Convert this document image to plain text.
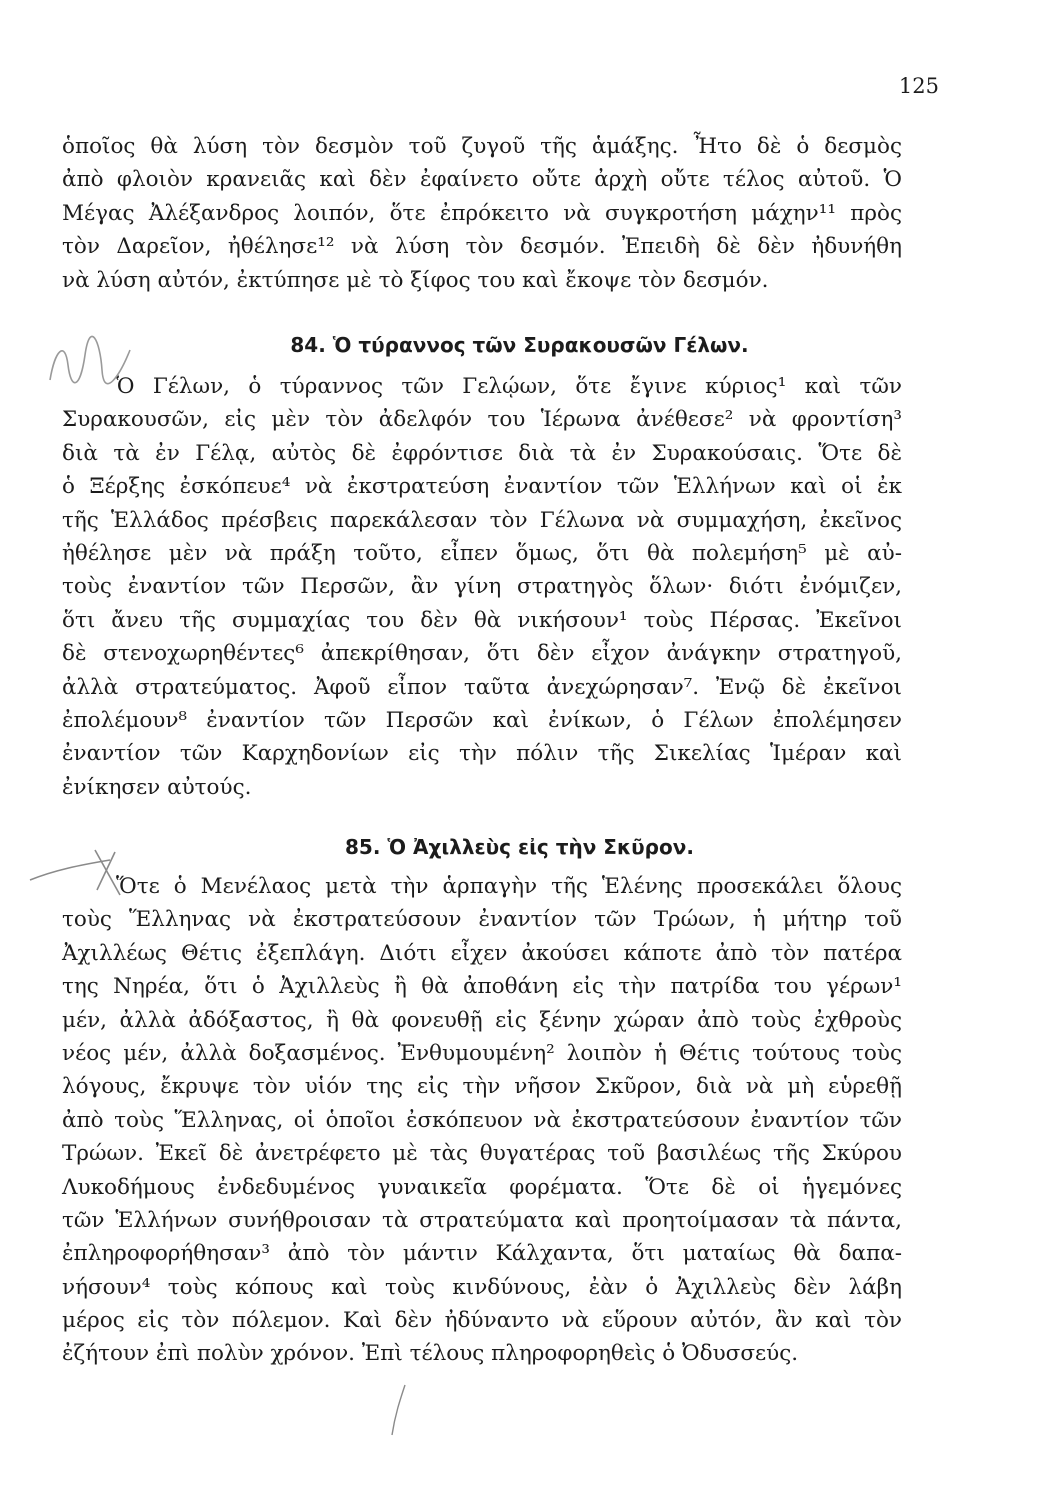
125
ὁποῖος θὰ λύση τὸν δεσμὸν τοῦ ζυγοῦ τῆς ἁμάξης. Ἦτο δὲ ὁ δεσμὸς
ἀπὸ φλοιὸν κρανειᾶς καὶ δὲν ἐφαίνετο οὔτε ἀρχὴ οὔτε τέλος αὐτοῦ. Ὁ
Μέγας Ἀλέξανδρος λοιπόν, ὅτε ἐπρόκειτο νὰ συγκροτήση μάχην¹¹ πρὸς
τὸν Δαρεῖον, ἠθέλησε¹² νὰ λύση τὸν δεσμόν. Ἐπειδὴ δὲ δὲν ἠδυνήθη
νὰ λύση αὐτόν, ἐκτύπησε μὲ τὸ ξίφος του καὶ ἔκοψε τὸν δεσμόν.
84. Ὁ τύραννος τῶν Συρακουσῶν Γέλων.
Ὁ Γέλων, ὁ τύραννος τῶν Γελῴων, ὅτε ἔγινε κύριος¹ καὶ τῶν
Συρακουσῶν, εἰς μὲν τὸν ἀδελφόν του Ἱέρωνα ἀνέθεσε² νὰ φροντίση³
διὰ τὰ ἐν Γέλᾳ, αὐτὸς δὲ ἐφρόντισε διὰ τὰ ἐν Συρακούσαις. Ὅτε δὲ
ὁ Ξέρξης ἐσκόπευε⁴ νὰ ἐκστρατεύση ἐναντίον τῶν Ἑλλήνων καὶ οἱ ἐκ
τῆς Ἑλλάδος πρέσβεις παρεκάλεσαν τὸν Γέλωνα νὰ συμμαχήση, ἐκεῖνος
ἠθέλησε μὲν νὰ πράξη τοῦτο, εἶπεν ὅμως, ὅτι θὰ πολεμήση⁵ μὲ αὐ-
τοὺς ἐναντίον τῶν Περσῶν, ἂν γίνη στρατηγὸς ὅλων· διότι ἐνόμιζεν,
ὅτι ἄνευ τῆς συμμαχίας του δὲν θὰ νικήσουν¹ τοὺς Πέρσας. Ἐκεῖνοι
δὲ στενοχωρηθέντες⁶ ἀπεκρίθησαν, ὅτι δὲν εἶχον ἀνάγκην στρατηγοῦ,
ἀλλὰ στρατεύματος. Ἀφοῦ εἶπον ταῦτα ἀνεχώρησαν⁷. Ἐνῷ δὲ ἐκεῖνοι
ἐπολέμουν⁸ ἐναντίον τῶν Περσῶν καὶ ἐνίκων, ὁ Γέλων ἐπολέμησεν
ἐναντίον τῶν Καρχηδονίων εἰς τὴν πόλιν τῆς Σικελίας Ἱμέραν καὶ
ἐνίκησεν αὐτούς.
85. Ὁ Ἀχιλλεὺς εἰς τὴν Σκῦρον.
Ὅτε ὁ Μενέλαος μετὰ τὴν ἁρπαγὴν τῆς Ἑλένης προσεκάλει ὅλους
τοὺς Ἕλληνας νὰ ἐκστρατεύσουν ἐναντίον τῶν Τρώων, ἡ μήτηρ τοῦ
Ἀχιλλέως Θέτις ἐξεπλάγη. Διότι εἶχεν ἀκούσει κάποτε ἀπὸ τὸν πατέρα
της Νηρέα, ὅτι ὁ Ἀχιλλεὺς ἢ θὰ ἀποθάνη εἰς τὴν πατρίδα του γέρων¹
μέν, ἀλλὰ ἀδόξαστος, ἢ θὰ φονευθῇ εἰς ξένην χώραν ἀπὸ τοὺς ἐχθροὺς
νέος μέν, ἀλλὰ δοξασμένος. Ἐνθυμουμένη² λοιπὸν ἡ Θέτις τούτους τοὺς
λόγους, ἔκρυψε τὸν υἱόν της εἰς τὴν νῆσον Σκῦρον, διὰ νὰ μὴ εὑρεθῇ
ἀπὸ τοὺς Ἕλληνας, οἱ ὁποῖοι ἐσκόπευον νὰ ἐκστρατεύσουν ἐναντίον τῶν
Τρώων. Ἐκεῖ δὲ ἀνετρέφετο μὲ τὰς θυγατέρας τοῦ βασιλέως τῆς Σκύρου
Λυκοδήμους ἐνδεδυμένος γυναικεῖα φορέματα. Ὅτε δὲ οἱ ἡγεμόνες
τῶν Ἑλλήνων συνήθροισαν τὰ στρατεύματα καὶ προητοίμασαν τὰ πάντα,
ἐπληροφορήθησαν³ ἀπὸ τὸν μάντιν Κάλχαντα, ὅτι ματαίως θὰ δαπα-
νήσουν⁴ τοὺς κόπους καὶ τοὺς κινδύνους, ἐὰν ὁ Ἀχιλλεὺς δὲν λάβη
μέρος εἰς τὸν πόλεμον. Καὶ δὲν ἠδύναντο νὰ εὕρουν αὐτόν, ἂν καὶ τὸν
ἐζήτουν ἐπὶ πολὺν χρόνον. Ἐπὶ τέλους πληροφορηθεὶς ὁ Ὀδυσσεύς.
